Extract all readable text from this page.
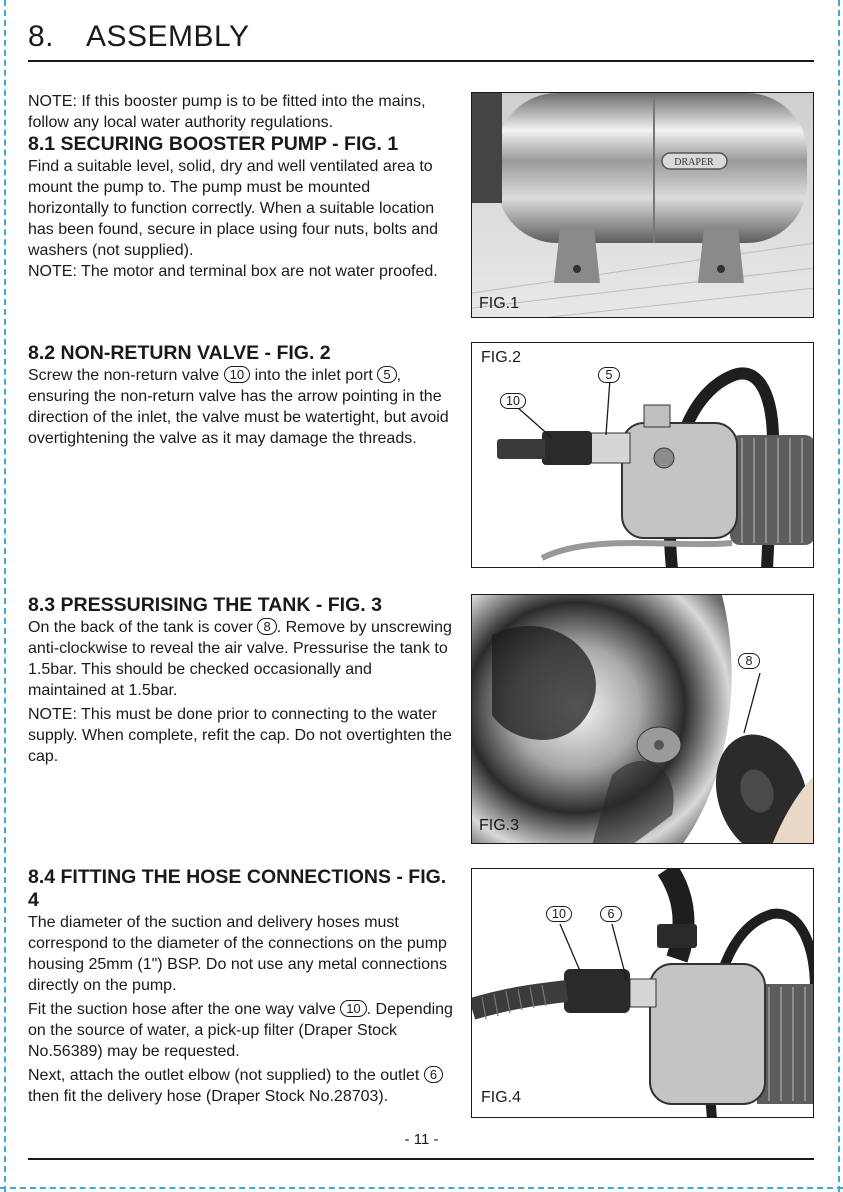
8. ASSEMBLY

NOTE: If this booster pump is to be fitted into the mains, follow any local water authority regulations.

8.1 SECURING BOOSTER PUMP - FIG. 1

Find a suitable level, solid, dry and well ventilated area to mount the pump to. The pump must be mounted horizontally to function correctly. When a suitable location has been found, secure in place using four nuts, bolts and washers (not supplied).

NOTE: The motor and terminal box are not water proofed.

8.2 NON-RETURN VALVE - FIG. 2

Screw the non-return valve 10 into the inlet port 5 , ensuring the non-return valve has the arrow pointing in the direction of the inlet, the valve must be watertight, but avoid overtightening the valve as it may damage the threads.

8.3 PRESSURISING THE TANK - FIG. 3

On the back of the tank is cover 8 . Remove by unscrewing anti-clockwise to reveal the air valve. Pressurise the tank to 1.5bar. This should be checked occasionally and maintained at 1.5bar.

NOTE: This must be done prior to connecting to the water supply. When complete, refit the cap. Do not overtighten the cap.

8.4 FITTING THE HOSE CONNECTIONS - FIG. 4

The diameter of the suction and delivery hoses must correspond to the diameter of the connections on the pump housing 25mm (1") BSP. Do not use any metal connections directly on the pump.

Fit the suction hose after the one way valve 10 . Depending on the source of water, a pick-up filter (Draper Stock No.56389) may be requested.

Next, attach the outlet elbow (not supplied) to the outlet 6 then fit the delivery hose (Draper Stock No.28703).

DRAPER
FIG.1
FIG.2
5
10
FIG.3
8
FIG.4
10	6
- 11 -
